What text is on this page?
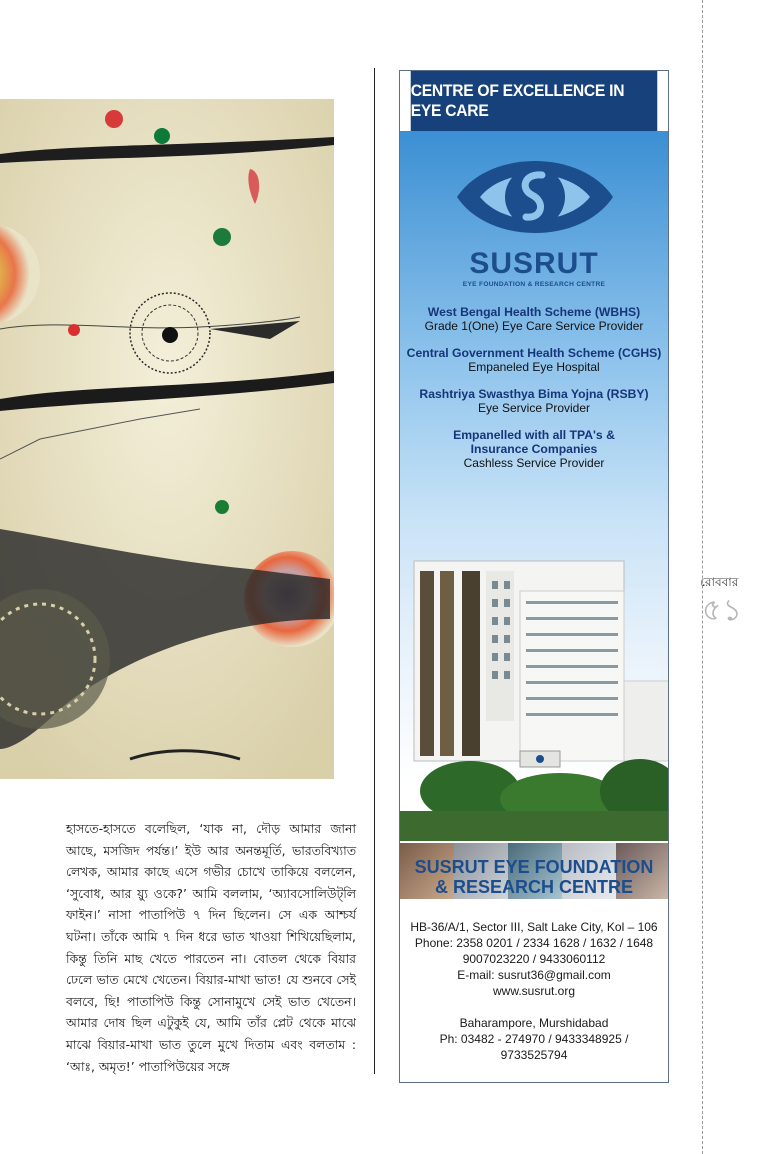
হাসতে-হাসতে বলেছিল, ‘যাক না, দৌড় আমার জানা আছে, মসজিদ পর্যন্ত।’ ইউ আর অনন্তমূর্তি, ভারতবিখ্যাত লেখক, আমার কাছে এসে গভীর চোখে তাকিয়ে বললেন, ‘সুবোধ, আর য়্যু ওকে?’ আমি বললাম, ‘অ্যাবসোলিউট্‌লি ফাইন।’ নাসা পাতাপিউ ৭ দিন ছিলেন। সে এক আশ্চর্য ঘটনা। তাঁকে আমি ৭ দিন ধরে ভাত খাওয়া শিখিয়েছিলাম, কিন্তু তিনি মাছ খেতে পারতেন না। বোতল থেকে বিয়ার ঢেলে ভাত মেখে খেতেন। বিয়ার-মাখা ভাত! যে শুনবে সেই বলবে, ছি! পাতাপিউ কিন্তু সোনামুখে সেই ভাত খেতেন। আমার দোষ ছিল এটুকুই যে, আমি তাঁর প্লেট থেকে মাঝে মাঝে বিয়ার-মাখা ভাত তুলে মুখে দিতাম এবং বলতাম : ‘আঃ, অমৃত!’ পাতাপিউয়ের সঙ্গে

রোববার
৫১
CENTRE OF EXCELLENCE IN EYE CARE
SUSRUT
EYE FOUNDATION & RESEARCH CENTRE
West Bengal Health Scheme (WBHS)
Grade 1(One) Eye Care Service Provider
Central Government Health Scheme (CGHS)
Empaneled Eye Hospital
Rashtriya Swasthya Bima Yojna (RSBY)
Eye Service Provider
Empanelled with all TPA's & Insurance Companies
Cashless Service Provider
SUSRUT EYE FOUNDATION
& RESEARCH CENTRE
HB-36/A/1, Sector III, Salt Lake City, Kol – 106
Phone: 2358 0201 / 2334 1628 / 1632 / 1648
9007023220 / 9433060112
E-mail: susrut36@gmail.com
www.susrut.org
Baharampore, Murshidabad
Ph: 03482 - 274970 / 9433348925 /
9733525794
